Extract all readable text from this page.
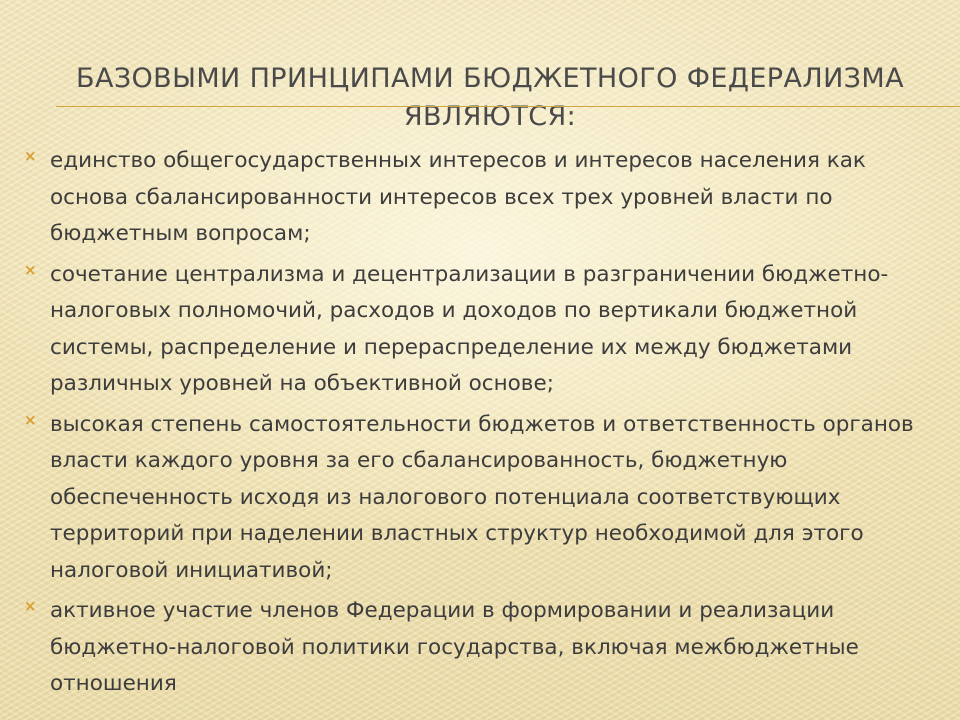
БАЗОВЫМИ ПРИНЦИПАМИ БЮДЖЕТНОГО ФЕДЕРАЛИЗМА ЯВЛЯЮТСЯ:
× единство общегосударственных интересов и интересов населения как основа сбалансированности интересов всех трех уровней власти по бюджетным вопросам;
× сочетание централизма и децентрализации в разграничении бюджетно-налоговых полномочий, расходов и доходов по вертикали бюджетной системы, распределение и перераспределение их между бюджетами различных уровней на объективной основе;
× высокая степень самостоятельности бюджетов и ответственность органов власти каждого уровня за его сбалансированность, бюджетную обеспеченность исходя из налогового потенциала соответствующих территорий при наделении властных структур необходимой для этого налоговой инициативой;
× активное участие членов Федерации в формировании и реализации бюджетно-налоговой политики государства, включая межбюджетные отношения
